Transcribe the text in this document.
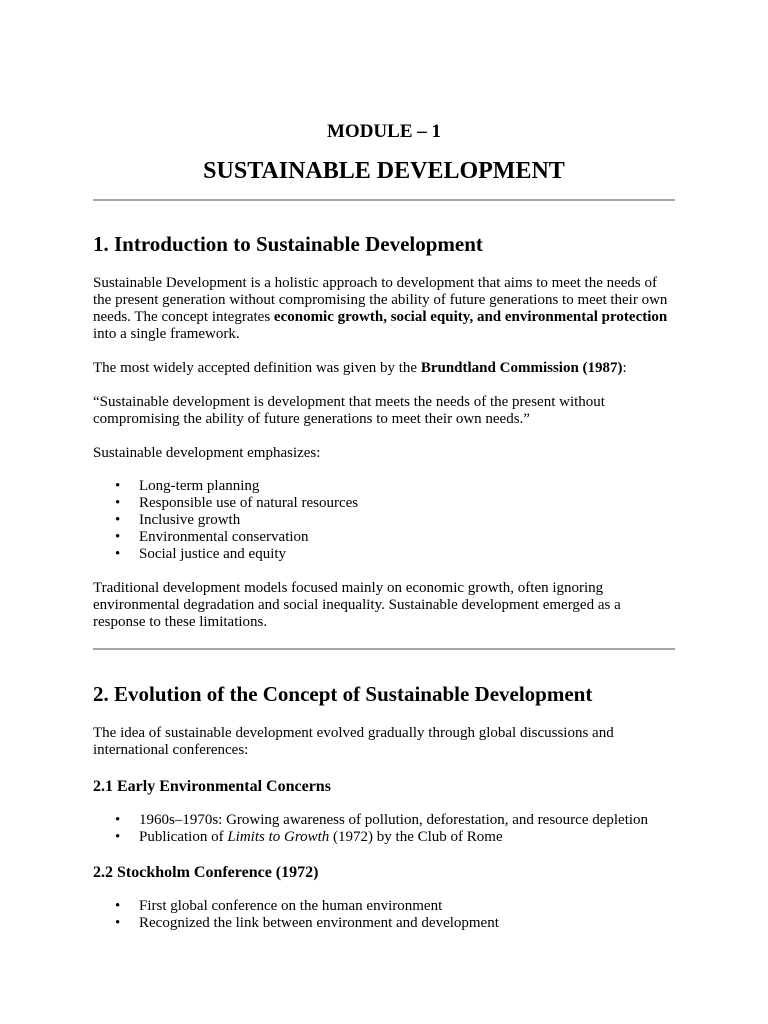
MODULE – 1

SUSTAINABLE DEVELOPMENT

1. Introduction to Sustainable Development

Sustainable Development is a holistic approach to development that aims to meet the needs of the present generation without compromising the ability of future generations to meet their own needs. The concept integrates economic growth, social equity, and environmental protection into a single framework.

The most widely accepted definition was given by the Brundtland Commission (1987):

“Sustainable development is development that meets the needs of the present without compromising the ability of future generations to meet their own needs.”

Sustainable development emphasizes:

• Long-term planning
• Responsible use of natural resources
• Inclusive growth
• Environmental conservation
• Social justice and equity

Traditional development models focused mainly on economic growth, often ignoring environmental degradation and social inequality. Sustainable development emerged as a response to these limitations.

2. Evolution of the Concept of Sustainable Development

The idea of sustainable development evolved gradually through global discussions and international conferences:

2.1 Early Environmental Concerns
• 1960s–1970s: Growing awareness of pollution, deforestation, and resource depletion
• Publication of Limits to Growth (1972) by the Club of Rome
2.2 Stockholm Conference (1972)
• First global conference on the human environment
• Recognized the link between environment and development
